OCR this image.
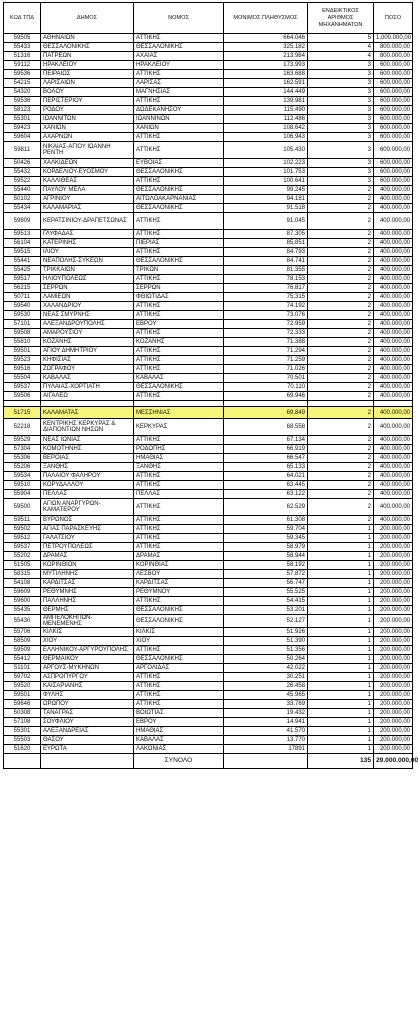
ΚΩΔ ΤΠΔ	ΔΗΜΟΣ	ΝΟΜΟΣ	ΜΟΝΙΜΟΣ ΠΛΗΘΥΣΜΟΣ	ΕΝΔΕΙΚΤΙΚΟΣ ΑΡΙΘΜΟΣ ΜΗΧΑΝΗΜΑΤΩΝ	ΠΟΣΟ
59505	ΑΘΗΝΑΙΩΝ	ΑΤΤΙΚΗΣ	664.046	5	1.000.000,00
55433	ΘΕΣΣΑΛΟΝΙΚΗΣ	ΘΕΣΣΑΛΟΝΙΚΗΣ	325.182	4	800.000,00
51316	ΠΑΤΡΕΩΝ	ΑΧΑΙΑΣ	213.984	4	800.000,00
59112	ΗΡΑΚΛΕΙΟΥ	ΗΡΑΚΛΕΙΟΥ	173.993	3	600.000,00
59536	ΠΕΙΡΑΙΩΣ	ΑΤΤΙΚΗΣ	163.688	3	600.000,00
54215	ΛΑΡΙΣΑΙΩΝ	ΛΑΡΙΣΑΣ	162.591	3	600.000,00
54320	ΒΟΛΟΥ	ΜΑΓΝΗΣΙΑΣ	144.449	3	600.000,00
59536	ΠΕΡΙΣΤΕΡΙΟΥ	ΑΤΤΙΚΗΣ	139.981	3	600.000,00
58123	ΡΟΔΟΥ	ΔΩΔΕΚΑΝΗΣΟΥ	115.490	3	600.000,00
55301	ΙΩΑΝΝΙΤΩΝ	ΙΩΑΝΝΙΝΩΝ	112.486	3	600.000,00
59423	ΧΑΝΙΩΝ	ΧΑΝΙΩΝ	108.642	3	600.000,00
59604	ΑΧΑΡΝΩΝ	ΑΤΤΙΚΗΣ	106.943	3	600.000,00
59811	ΝΙΚΑΙΑΣ-ΑΓΙΟΥ ΙΩΑΝΝΗ ΡΕΝΤΗ	ΑΤΤΙΚΗΣ	105.430	3	600.000,00
50426	ΧΑΛΚΙΔΕΩΝ	ΕΥΒΟΙΑΣ	102.223	3	600.000,00
55432	ΚΟΡΔΕΛΙΟΥ-ΕΥΟΣΜΟΥ	ΘΕΣΣΑΛΟΝΙΚΗΣ	101.753	3	600.000,00
59522	ΚΑΛΛΙΘΕΑΣ	ΑΤΤΙΚΗΣ	100.641	3	600.000,00
55440	ΠΑΥΛΟΥ ΜΕΛΑ	ΘΕΣΣΑΛΟΝΙΚΗΣ	99.245	2	400.000,00
50102	ΑΓΡΙΝΙΟΥ	ΑΙΤΩΛΟΑΚΑΡΝΑΝΙΑΣ	94.181	2	400.000,00
55434	ΚΑΛΑΜΑΡΙΑΣ	ΘΕΣΣΑΛΟΝΙΚΗΣ	91.518	2	400.000,00
59809	ΚΕΡΑΤΣΙΝΙΟΥ-ΔΡΑΠΕΤΣΩΝΑΣ	ΑΤΤΙΚΗΣ	91.045	2	400.000,00
59513	ΓΛΥΦΑΔΑΣ	ΑΤΤΙΚΗΣ	87.305	2	400.000,00
56104	ΚΑΤΕΡΙΝΗΣ	ΠΙΕΡΙΑΣ	85.851	2	400.000,00
59515	ΙΛΙΟΥ	ΑΤΤΙΚΗΣ	84.793	2	400.000,00
55441	ΝΕΑΠΟΛΗΣ-ΣΥΚΕΩΝ	ΘΕΣΣΑΛΟΝΙΚΗΣ	84.741	2	400.000,00
55425	ΤΡΙΚΚΑΙΩΝ	ΤΡΙΚΩΝ	81.355	2	400.000,00
59517	ΗΛΙΟΥΠΟΛΕΩΣ	ΑΤΤΙΚΗΣ	78.153	2	400.000,00
56215	ΣΕΡΡΩΝ	ΣΕΡΡΩΝ	76.817	2	400.000,00
50711	ΛΑΜΙΕΩΝ	ΦΘΙΩΤΙΔΑΣ	75.315	2	400.000,00
59540	ΧΑΛΑΝΔΡΙΟΥ	ΑΤΤΙΚΗΣ	74.192	2	400.000,00
59530	ΝΕΑΣ ΣΜΥΡΝΗΣ	ΑΤΤΙΚΗΣ	73.076	2	400.000,00
57101	ΑΛΕΞΑΝΔΡΟΥΠΟΛΗΣ	ΕΒΡΟΥ	72.959	2	400.000,00
59508	ΑΜΑΡΟΥΣΙΟΥ	ΑΤΤΙΚΗΣ	72.333	2	400.000,00
55810	ΚΟΖΑΝΗΣ	ΚΟΖΑΝΗΣ	71.388	2	400.000,00
59501	ΑΓΙΟΥ ΔΗΜΗΤΡΙΟΥ	ΑΤΤΙΚΗΣ	71.294	2	400.000,00
59523	ΚΗΦΙΣΙΑΣ	ΑΤΤΙΚΗΣ	71.259	2	400.000,00
59516	ΖΩΓΡΑΦΟΥ	ΑΤΤΙΚΗΣ	71.026	2	400.000,00
55504	ΚΑΒΑΛΑΣ	ΚΑΒΑΛΑΣ	70.501	2	400.000,00
59537	ΠΥΛΑΙΑΣ-ΧΟΡΤΙΑΤΗ	ΘΕΣΣΑΛΟΝΙΚΗΣ	70.110	2	400.000,00
59506	ΑΙΓΑΛΕΩ	ΑΤΤΙΚΗΣ	69.946	2	400.000,00

51715	ΚΑΛΑΜΑΤΑΣ	ΜΕΣΣΗΝΙΑΣ	69.849	2	400.000,00
52218	ΚΕΝΤΡΙΚΗΣ ΚΕΡΚΥΡΑΣ & ΔΙΑΠΟΝΤΙΩΝ ΝΗΣΩΝ	ΚΕΡΚΥΡΑΣ	68.558	2	400.000,00
59529	ΝΕΑΣ ΙΩΝΙΑΣ	ΑΤΤΙΚΗΣ	67.134	2	400.000,00
57304	ΚΟΜΟΤΗΝΗΣ	ΡΟΔΟΠΗΣ	66.919	2	400.000,00
55306	ΒΕΡΟΙΑΣ	ΗΜΑΘΙΑΣ	66.547	2	400.000,00
55206	ΞΑΝΘΗΣ	ΞΑΝΘΗΣ	65.133	2	400.000,00
59534	ΠΑΛΑΙΟΥ ΦΑΛΗΡΟΥ	ΑΤΤΙΚΗΣ	64.021	2	400.000,00
59510	ΚΟΡΥΔΑΛΛΟΥ	ΑΤΤΙΚΗΣ	63.445	2	400.000,00
55904	ΠΕΛΛΑΣ	ΠΕΛΛΑΣ	63.122	2	400.000,00
59500	ΑΓΙΩΝ ΑΝΑΡΓΥΡΩΝ-ΚΑΜΑΤΕΡΟΥ	ΑΤΤΙΚΗΣ	62.529	2	400.000,00
59511	ΒΥΡΩΝΟΣ	ΑΤΤΙΚΗΣ	61.308	2	400.000,00
59502	ΑΓΙΑΣ ΠΑΡΑΣΚΕΥΗΣ	ΑΤΤΙΚΗΣ	59.704	1	200.000,00
59512	ΓΑΛΑΤΣΙΟΥ	ΑΤΤΙΚΗΣ	59.345	1	200.000,00
59537	ΠΕΤΡΟΥΠΟΛΕΩΣ	ΑΤΤΙΚΗΣ	58.979	1	200.000,00
55202	ΔΡΑΜΑΣ	ΔΡΑΜΑΣ	58.944	1	200.000,00
51505	ΚΟΡΙΝΘΙΩΝ	ΚΟΡΙΝΘΙΑΣ	58.192	1	200.000,00
58315	ΜΥΤΙΛΗΝΗΣ	ΛΕΣΒΟΥ	57.872	1	200.000,00
54108	ΚΑΡΔΙΤΣΑΣ	ΚΑΡΔΙΤΣΑΣ	56.747	1	200.000,00
59609	ΡΕΘΥΜΝΗΣ	ΡΕΘΥΜΝΟΥ	55.525	1	200.000,00
59600	ΠΑΛΛΗΝΗΣ	ΑΤΤΙΚΗΣ	54.415	1	200.000,00
55435	ΘΕΡΜΗΣ	ΘΕΣΣΑΛΟΝΙΚΗΣ	53.201	1	200.000,00
55430	ΑΜΠΕΛΟΚΗΠΩΝ-ΜΕΝΕΜΕΝΗΣ	ΘΕΣΣΑΛΟΝΙΚΗΣ	52.127	1	200.000,00
55706	ΚΙΛΚΙΣ	ΚΙΛΚΙΣ	51.926	1	200.000,00
58509	ΧΙΟΥ	ΧΙΟΥ	51.390	1	200.000,00
59509	ΕΛΛΗΝΙΚΟΥ-ΑΡΓΥΡΟΥΠΟΛΗΣ	ΑΤΤΙΚΗΣ	51.356	1	200.000,00
55412	ΘΕΡΜΑΙΚΟΥ	ΘΕΣΣΑΛΟΝΙΚΗΣ	50.264	1	200.000,00
51101	ΑΡΓΟΥΣ-ΜΥΚΗΝΩΝ	ΑΡΓΟΛΙΔΑΣ	42.022	1	200.000,00
59702	ΑΣΠΡΟΠΥΡΓΟΥ	ΑΤΤΙΚΗΣ	30.251	1	200.000,00
59520	ΚΑΙΣΑΡΙΑΝΗΣ	ΑΤΤΙΚΗΣ	26.458	1	200.000,00
59501	ΦΥΛΗΣ	ΑΤΤΙΚΗΣ	45.965	1	200.000,00
59646	ΩΡΩΠΟΥ	ΑΤΤΙΚΗΣ	33.769	1	200.000,00
50308	ΤΑΝΑΓΡΑΣ	ΒΟΙΩΤΙΑΣ	19.432	1	200.000,00
57108	ΣΟΥΦΛΙΟΥ	ΕΒΡΟΥ	14.941	1	200.000,00
55301	ΑΛΕΞΑΝΔΡΕΙΑΣ	ΗΜΑΘΙΑΣ	41.570	1	200.000,00
55503	ΘΑΣΟΥ	ΚΑΒΑΛΑΣ	13.770	1	200.000,00
51620	ΕΥΡΩΤΑ	ΛΑΚΩΝΙΑΣ	17891	1	200.000,00
		ΣΥΝΟΛΟ		135	29.000.000,00
